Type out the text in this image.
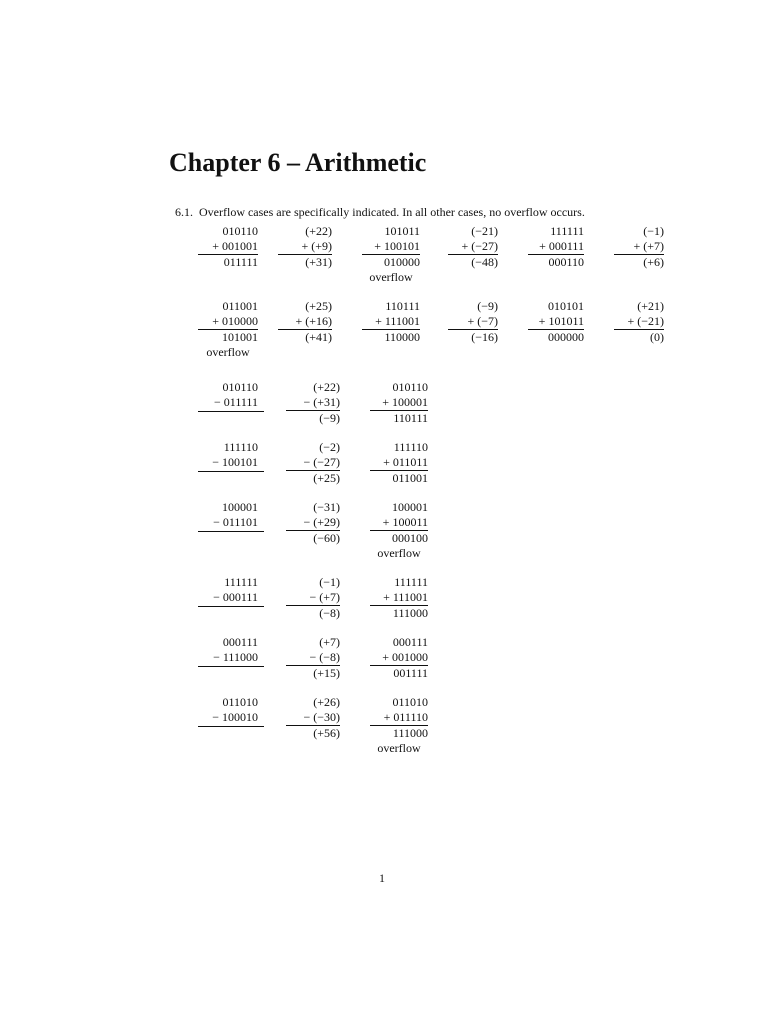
Chapter 6 – Arithmetic
6.1. Overflow cases are specifically indicated. In all other cases, no overflow occurs.
010110
+ 001001
011111
(+22)
+ (+9)
(+31)
101011
+ 100101
010000
overflow
(−21)
+ (−27)
(−48)
111111
+ 000111
000110
(−1)
+ (+7)
(+6)
011001
+ 010000
101001
overflow
(+25)
+ (+16)
(+41)
110111
+ 111001
110000
(−9)
+ (−7)
(−16)
010101
+ 101011
000000
(+21)
+ (−21)
(0)
010110
− 011111
(+22)
− (+31)
(−9)
010110
+ 100001
110111
111110
− 100101
(−2)
− (−27)
(+25)
111110
+ 011011
011001
100001
− 011101
(−31)
− (+29)
(−60)
100001
+ 100011
000100
overflow
111111
− 000111
(−1)
− (+7)
(−8)
111111
+ 111001
111000
000111
− 111000
(+7)
− (−8)
(+15)
000111
+ 001000
001111
011010
− 100010
(+26)
− (−30)
(+56)
011010
+ 011110
111000
overflow
1
